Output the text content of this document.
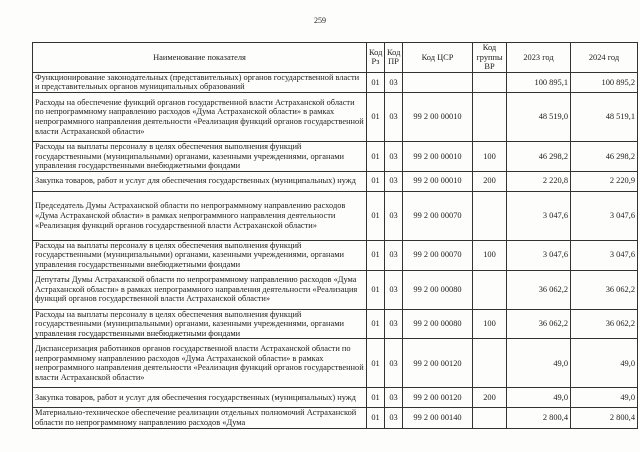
259
Наименование показателя	Код Рз	Код ПР	Код ЦСР	Код группы ВР	2023 год	2024 год
Функционирование законодательных (представительных) органов государственной власти и представительных органов муниципальных образований	01	03			100 895,1	100 895,2
Расходы на обеспечение функций органов государственной власти Астраханской области по непрограммному направлению расходов «Дума Астраханской области» в рамках непрограммного направления деятельности «Реализация функций органов государственной власти Астраханской области»	01	03	99 2 00 00010		48 519,0	48 519,1
Расходы на выплаты персоналу в целях обеспечения выполнения функций государственными (муниципальными) органами, казенными учреждениями, органами управления государственными внебюджетными фондами	01	03	99 2 00 00010	100	46 298,2	46 298,2
Закупка товаров, работ и услуг для обеспечения государственных (муниципальных) нужд	01	03	99 2 00 00010	200	2 220,8	2 220,9
Председатель Думы Астраханской области по непрограммному направлению расходов «Дума Астраханской области» в рамках непрограммного направления деятельности «Реализация функций органов государственной власти Астраханской области»	01	03	99 2 00 00070		3 047,6	3 047,6
Расходы на выплаты персоналу в целях обеспечения выполнения функций государственными (муниципальными) органами, казенными учреждениями, органами управления государственными внебюджетными фондами	01	03	99 2 00 00070	100	3 047,6	3 047,6
Депутаты Думы Астраханской области по непрограммному направлению расходов «Дума Астраханской области» в рамках непрограммного направления деятельности «Реализация функций органов государственной власти Астраханской области»	01	03	99 2 00 00080		36 062,2	36 062,2
Расходы на выплаты персоналу в целях обеспечения выполнения функций государственными (муниципальными) органами, казенными учреждениями, органами управления государственными внебюджетными фондами	01	03	99 2 00 00080	100	36 062,2	36 062,2
Диспансеризация работников органов государственной власти Астраханской области по непрограммному направлению расходов «Дума Астраханской области» в рамках непрограммного направления деятельности «Реализация функций органов государственной власти Астраханской области»	01	03	99 2 00 00120		49,0	49,0
Закупка товаров, работ и услуг для обеспечения государственных (муниципальных) нужд	01	03	99 2 00 00120	200	49,0	49,0
Материально-техническое обеспечение реализации отдельных полномочий Астраханской области по непрограммному направлению расходов «Дума	01	03	99 2 00 00140		2 800,4	2 800,4
